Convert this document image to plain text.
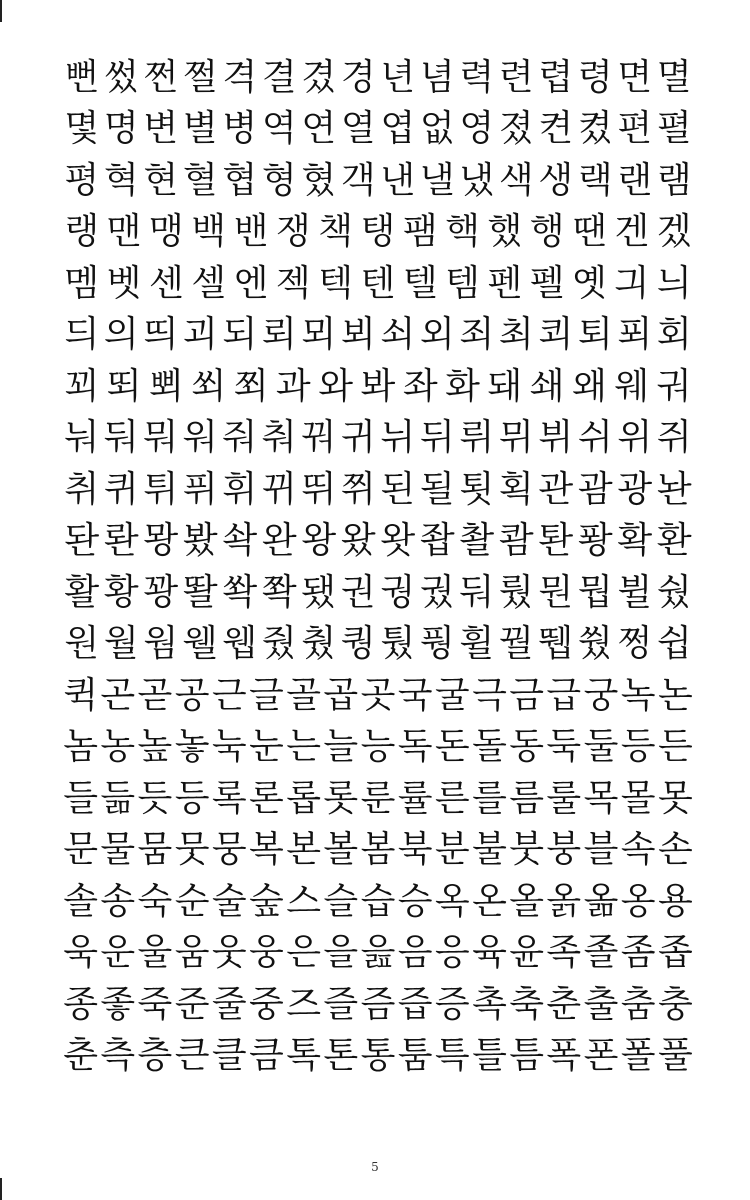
뻔 썼 쩐 쩔 격 결 겼 경 년 념 력 련 렵 령 면 멸
몇 명 변 별 병 역 연 열 엽 없 영 졌 켠 켰 편 펼
평 혁 현 혈 협 형 혔 객 낸 낼 냈 색 생 랙 랜 램
랭 맨 맹 백 밴 쟁 책 탱 팸 핵 했 행 땐 겐 겠
멤 벳 센 셀 엔 젝 텍 텐 텔 템 펜 펠 옛 긔 늬
듸 의 띄 괴 되 뢰 뫼 뵈 쇠 외 죄 최 쾨 퇴 푀 회
꾀 뙤 뾔 쐬 쬐 과 와 봐 좌 화 돼 쇄 왜 웨 궈
눠 둬 뭐 워 줘 춰 꿔 귀 뉘 뒤 뤼 뮈 뷔 쉬 위 쥐
취 퀴 튀 퓌 휘 뀌 뛰 쮜 된 될 툇 획 관 괌 광 놘
돤 롼 뫙 봤 솩 완 왕 왔 왓 좝 촬 쾀 퇀 퐝 확 환
활 황 꽝 똴 쏵 쫙 됐 권 궝 궜 둬 뤘 뭔 뭡 뷜 쉈
원 월 웜 웰 웹 줬 췄 퀑 퉜 풩 휠 꿜 뛥 쒔 쩡 쉽
퀵 곤 곧 공 근 글 골 곱 곳 국 굴 극 금 급 궁 녹 논
놈 농 높 놓 눅 눈 는 늘 능 독 돈 돌 동 둑 둘 등 든
들 듦 듯 등 록 론 롭 롯 룬 률 른 를 름 룰 목 몰 못
문 물 뭄 뭇 뭉 복 본 볼 봄 북 분 불 붓 붕 블 속 손
솔 송 숙 순 술 숲 스 슬 습 승 옥 온 올 옭 옮 옹 용
욱 운 울 움 웃 웅 은 을 읊 음 응 육 윤 족 졸 좀 좁
종 좋 죽 준 줄 중 즈 즐 즘 즙 증 촉 축 춘 출 춤 충
춘 측 층 큰 클 큼 톡 톤 통 툼 특 틀 틈 폭 폰 폴 풀
5
